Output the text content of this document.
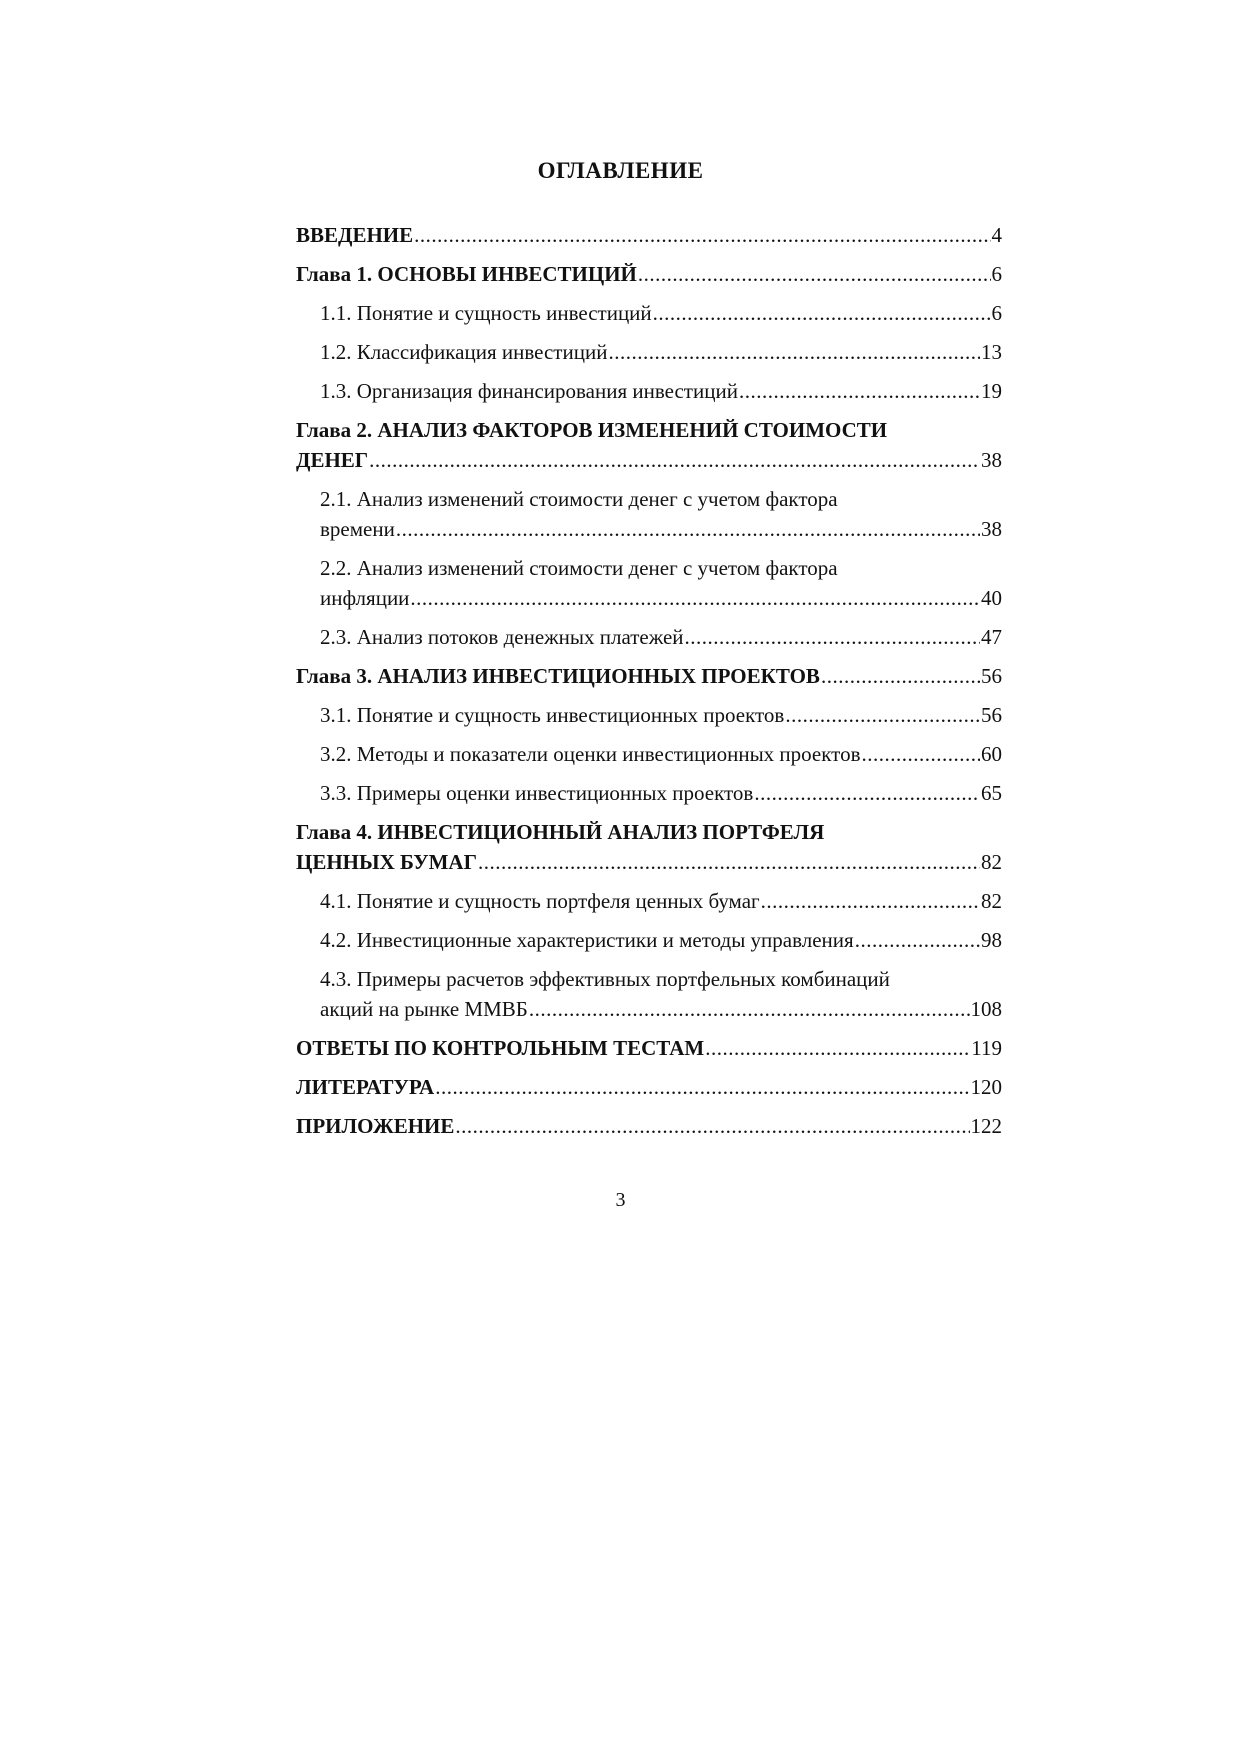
ОГЛАВЛЕНИЕ
ВВЕДЕНИЕ .....	4
Глава 1. ОСНОВЫ ИНВЕСТИЦИЙ .....	6
1.1. Понятие и сущность инвестиций .....	6
1.2. Классификация инвестиций .....	13
1.3. Организация финансирования инвестиций .....	19
Глава 2. АНАЛИЗ ФАКТОРОВ ИЗМЕНЕНИЙ СТОИМОСТИ
ДЕНЕГ .....	38
2.1. Анализ изменений стоимости денег с учетом фактора
времени .....	38
2.2. Анализ изменений стоимости денег с учетом фактора
инфляции .....	40
2.3. Анализ потоков денежных платежей .....	47
Глава 3. АНАЛИЗ ИНВЕСТИЦИОННЫХ ПРОЕКТОВ .....	56
3.1. Понятие и сущность инвестиционных проектов .....	56
3.2. Методы и показатели оценки инвестиционных проектов .....	60
3.3. Примеры оценки инвестиционных проектов .....	65
Глава 4. ИНВЕСТИЦИОННЫЙ АНАЛИЗ ПОРТФЕЛЯ
ЦЕННЫХ БУМАГ .....	82
4.1. Понятие и сущность портфеля ценных бумаг .....	82
4.2. Инвестиционные характеристики и методы управления .....	98
4.3. Примеры расчетов эффективных портфельных комбинаций
акций на рынке ММВБ .....	108
ОТВЕТЫ ПО КОНТРОЛЬНЫМ ТЕСТАМ .....	119
ЛИТЕРАТУРА .....	120
ПРИЛОЖЕНИЕ .....	122
3
